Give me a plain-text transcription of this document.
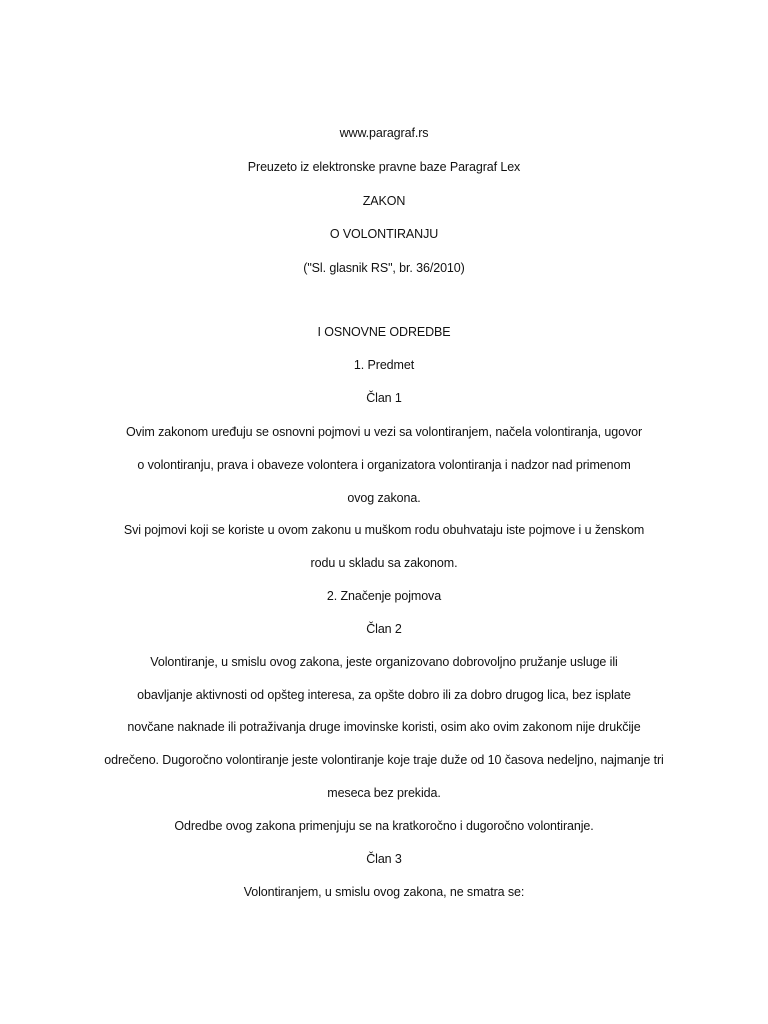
www.paragraf.rs
Preuzeto iz elektronske pravne baze Paragraf Lex
ZAKON
O VOLONTIRANJU
("Sl. glasnik RS", br. 36/2010)
I OSNOVNE ODREDBE
1. Predmet
Član 1
Ovim zakonom uređuju se osnovni pojmovi u vezi sa volontiranjem, načela volontiranja, ugovor
o volontiranju, prava i obaveze volontera i organizatora volontiranja i nadzor nad primenom
ovog zakona.
Svi pojmovi koji se koriste u ovom zakonu u muškom rodu obuhvataju iste pojmove i u ženskom
rodu u skladu sa zakonom.
2. Značenje pojmova
Član 2
Volontiranje, u smislu ovog zakona, jeste organizovano dobrovoljno pružanje usluge ili
obavljanje aktivnosti od opšteg interesa, za opšte dobro ili za dobro drugog lica, bez isplate
novčane naknade ili potraživanja druge imovinske koristi, osim ako ovim zakonom nije drukčije
odrečeno. Dugoročno volontiranje jeste volontiranje koje traje duže od 10 časova nedeljno, najmanje tri
meseca bez prekida.
Odredbe ovog zakona primenjuju se na kratkoročno i dugoročno volontiranje.
Član 3
Volontiranjem, u smislu ovog zakona, ne smatra se:
